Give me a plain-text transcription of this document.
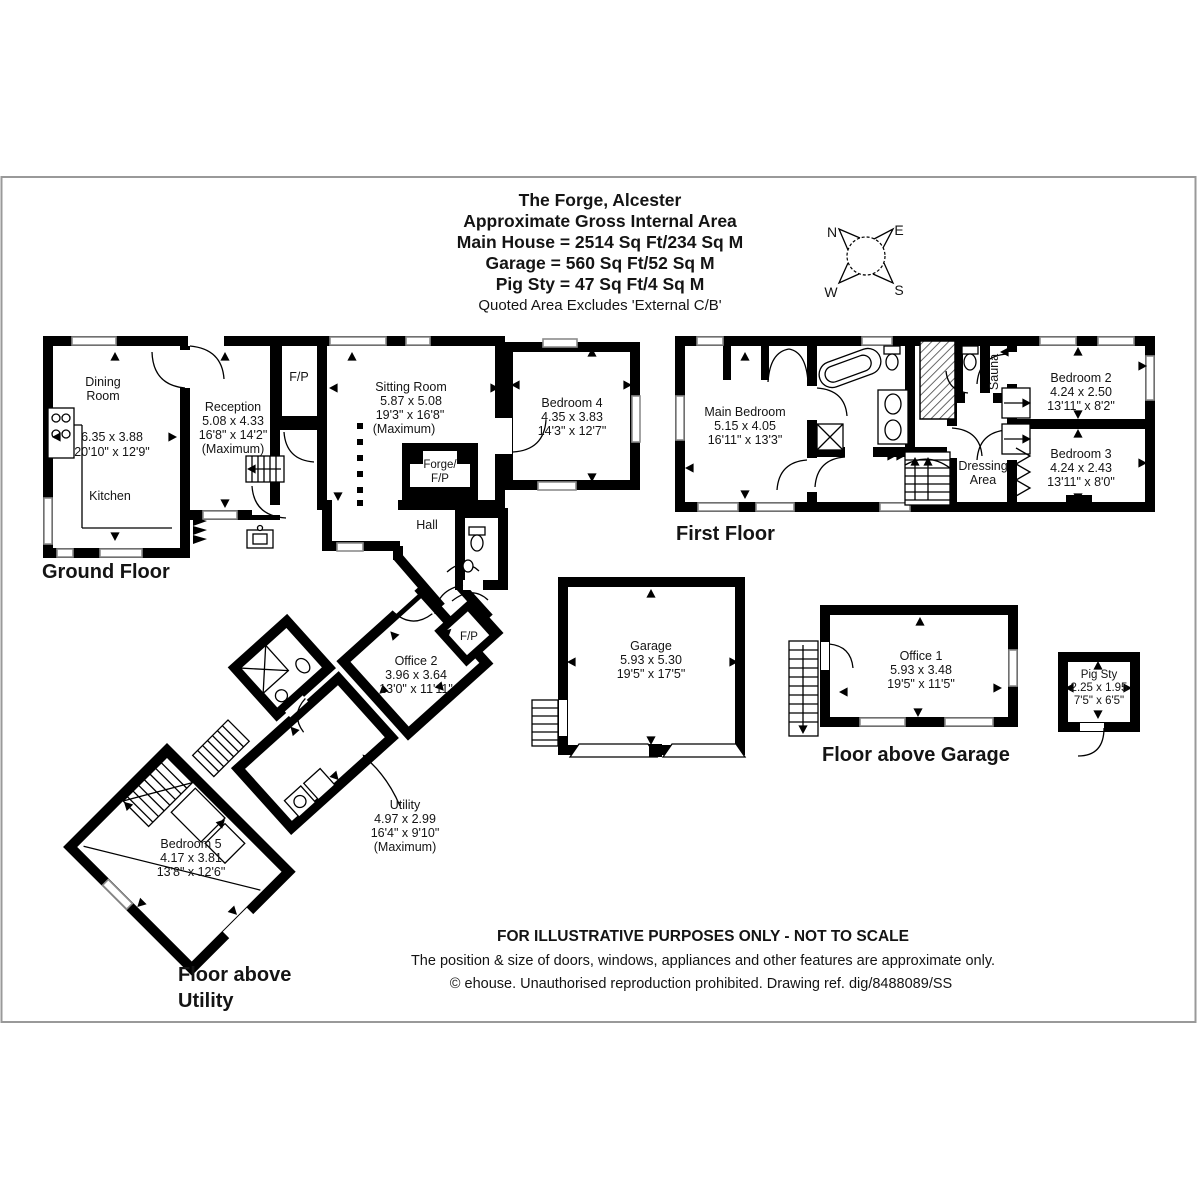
The Forge, Alcester
Approximate Gross Internal Area
Main House = 2514 Sq Ft/234 Sq M
Garage = 560 Sq Ft/52 Sq M
Pig Sty = 47 Sq Ft/4 Sq M
Quoted Area Excludes 'External C/B'
N	E
W	S
Dining
Room
6.35 x 3.88
20'10" x 12'9"
Kitchen
Reception
5.08 x 4.33
16'8" x 14'2"
(Maximum)
F/P
Sitting Room
5.87 x 5.08
19'3" x 16'8"
(Maximum)
Forge/
F/P
Hall
Bedroom 4
4.35 x 3.83
14'3" x 12'7"
Ground Floor
Main Bedroom
5.15 x 4.05
16'11" x 13'3"
Sauna
Dressing
Area
Bedroom 2
4.24 x 2.50
13'11" x 8'2"
Bedroom 3
4.24 x 2.43
13'11" x 8'0"
First Floor
Garage
5.93 x 5.30
19'5" x 17'5"
Office 1
5.93 x 3.48
19'5" x 11'5"
Floor above Garage
Pig Sty
2.25 x 1.95
7'5" x 6'5"
Office 2
3.96 x 3.64
13'0" x 11'11"
F/P
Utility
4.97 x 2.99
16'4" x 9'10"
(Maximum)
Bedroom 5
4.17 x 3.81
13'8" x 12'6"
Floor above
Utility
FOR ILLUSTRATIVE PURPOSES ONLY - NOT TO SCALE
The position & size of doors, windows, appliances and other features are approximate only.
© ehouse. Unauthorised reproduction prohibited. Drawing ref. dig/8488089/SS
